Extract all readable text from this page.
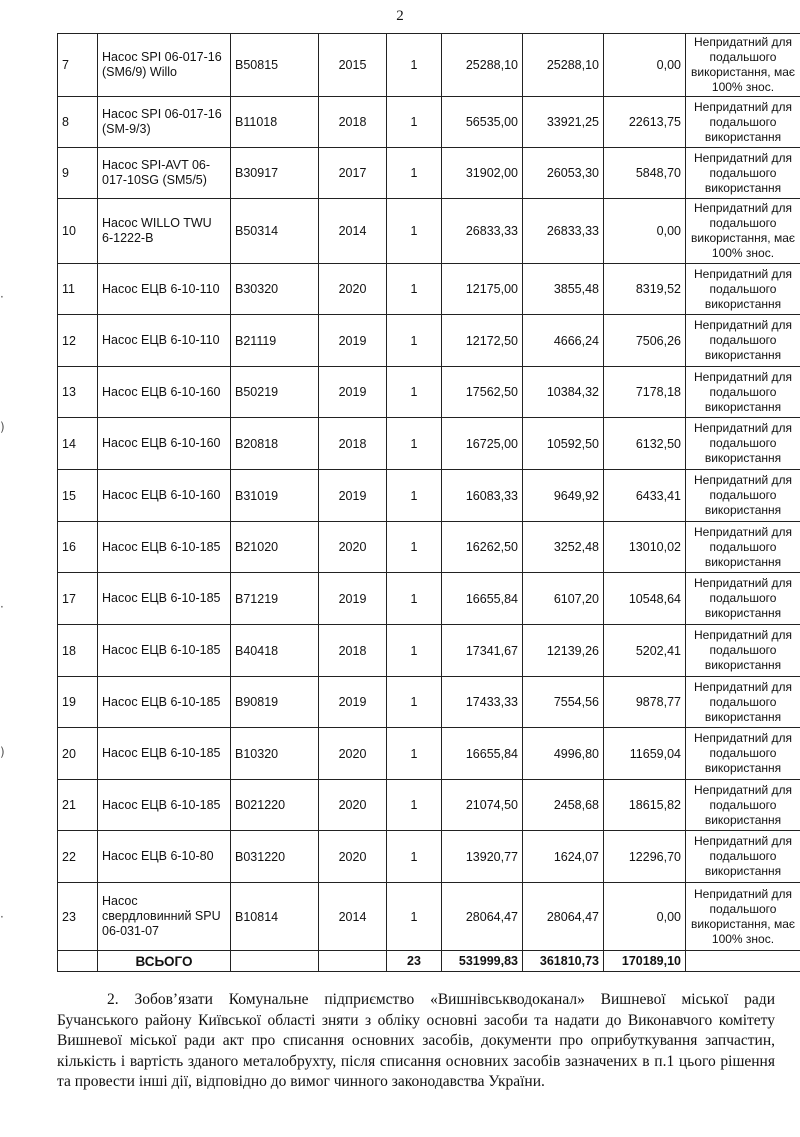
2
7	Насос SPI 06-017-16 (SM6/9) Willo	В50815	2015	1	25288,10	25288,10	0,00	Непридатний для подальшого використання, має 100% знос.
8	Насос SPI 06-017-16 (SM-9/3)	В11018	2018	1	56535,00	33921,25	22613,75	Непридатний для подальшого використання
9	Насос SPI-AVT 06-017-10SG (SM5/5)	В30917	2017	1	31902,00	26053,30	5848,70	Непридатний для подальшого використання
10	Насос WILLO TWU 6-1222-В	В50314	2014	1	26833,33	26833,33	0,00	Непридатний для подальшого використання, має 100% знос.
11	Насос ЕЦВ 6-10-110	В30320	2020	1	12175,00	3855,48	8319,52	Непридатний для подальшого використання
12	Насос ЕЦВ 6-10-110	В21119	2019	1	12172,50	4666,24	7506,26	Непридатний для подальшого використання
13	Насос ЕЦВ 6-10-160	В50219	2019	1	17562,50	10384,32	7178,18	Непридатний для подальшого використання
14	Насос ЕЦВ 6-10-160	В20818	2018	1	16725,00	10592,50	6132,50	Непридатний для подальшого використання
15	Насос ЕЦВ 6-10-160	В31019	2019	1	16083,33	9649,92	6433,41	Непридатний для подальшого використання
16	Насос ЕЦВ 6-10-185	В21020	2020	1	16262,50	3252,48	13010,02	Непридатний для подальшого використання
17	Насос ЕЦВ 6-10-185	В71219	2019	1	16655,84	6107,20	10548,64	Непридатний для подальшого використання
18	Насос ЕЦВ 6-10-185	В40418	2018	1	17341,67	12139,26	5202,41	Непридатний для подальшого використання
19	Насос ЕЦВ 6-10-185	В90819	2019	1	17433,33	7554,56	9878,77	Непридатний для подальшого використання
20	Насос ЕЦВ 6-10-185	В10320	2020	1	16655,84	4996,80	11659,04	Непридатний для подальшого використання
21	Насос ЕЦВ 6-10-185	В021220	2020	1	21074,50	2458,68	18615,82	Непридатний для подальшого використання
22	Насос ЕЦВ 6-10-80	В031220	2020	1	13920,77	1624,07	12296,70	Непридатний для подальшого використання
23	Насос свердловинний SPU 06-031-07	В10814	2014	1	28064,47	28064,47	0,00	Непридатний для подальшого використання, має 100% знос.
	ВСЬОГО			23	531999,83	361810,73	170189,10	

2. Зобов’язати Комунальне підприємство «Вишнівськводоканал» Вишневої міської ради Бучанського району Київської області зняти з обліку основні засоби та надати до Виконавчого комітету Вишневої міської ради акт про списання основних засобів, документи про оприбуткування запчастин, кількість і вартість зданого металобрухту, після списання основних засобів зазначених в п.1 цього рішення та провести інші дії, відповідно до вимог чинного законодавства України.

·
)
·
)
·
